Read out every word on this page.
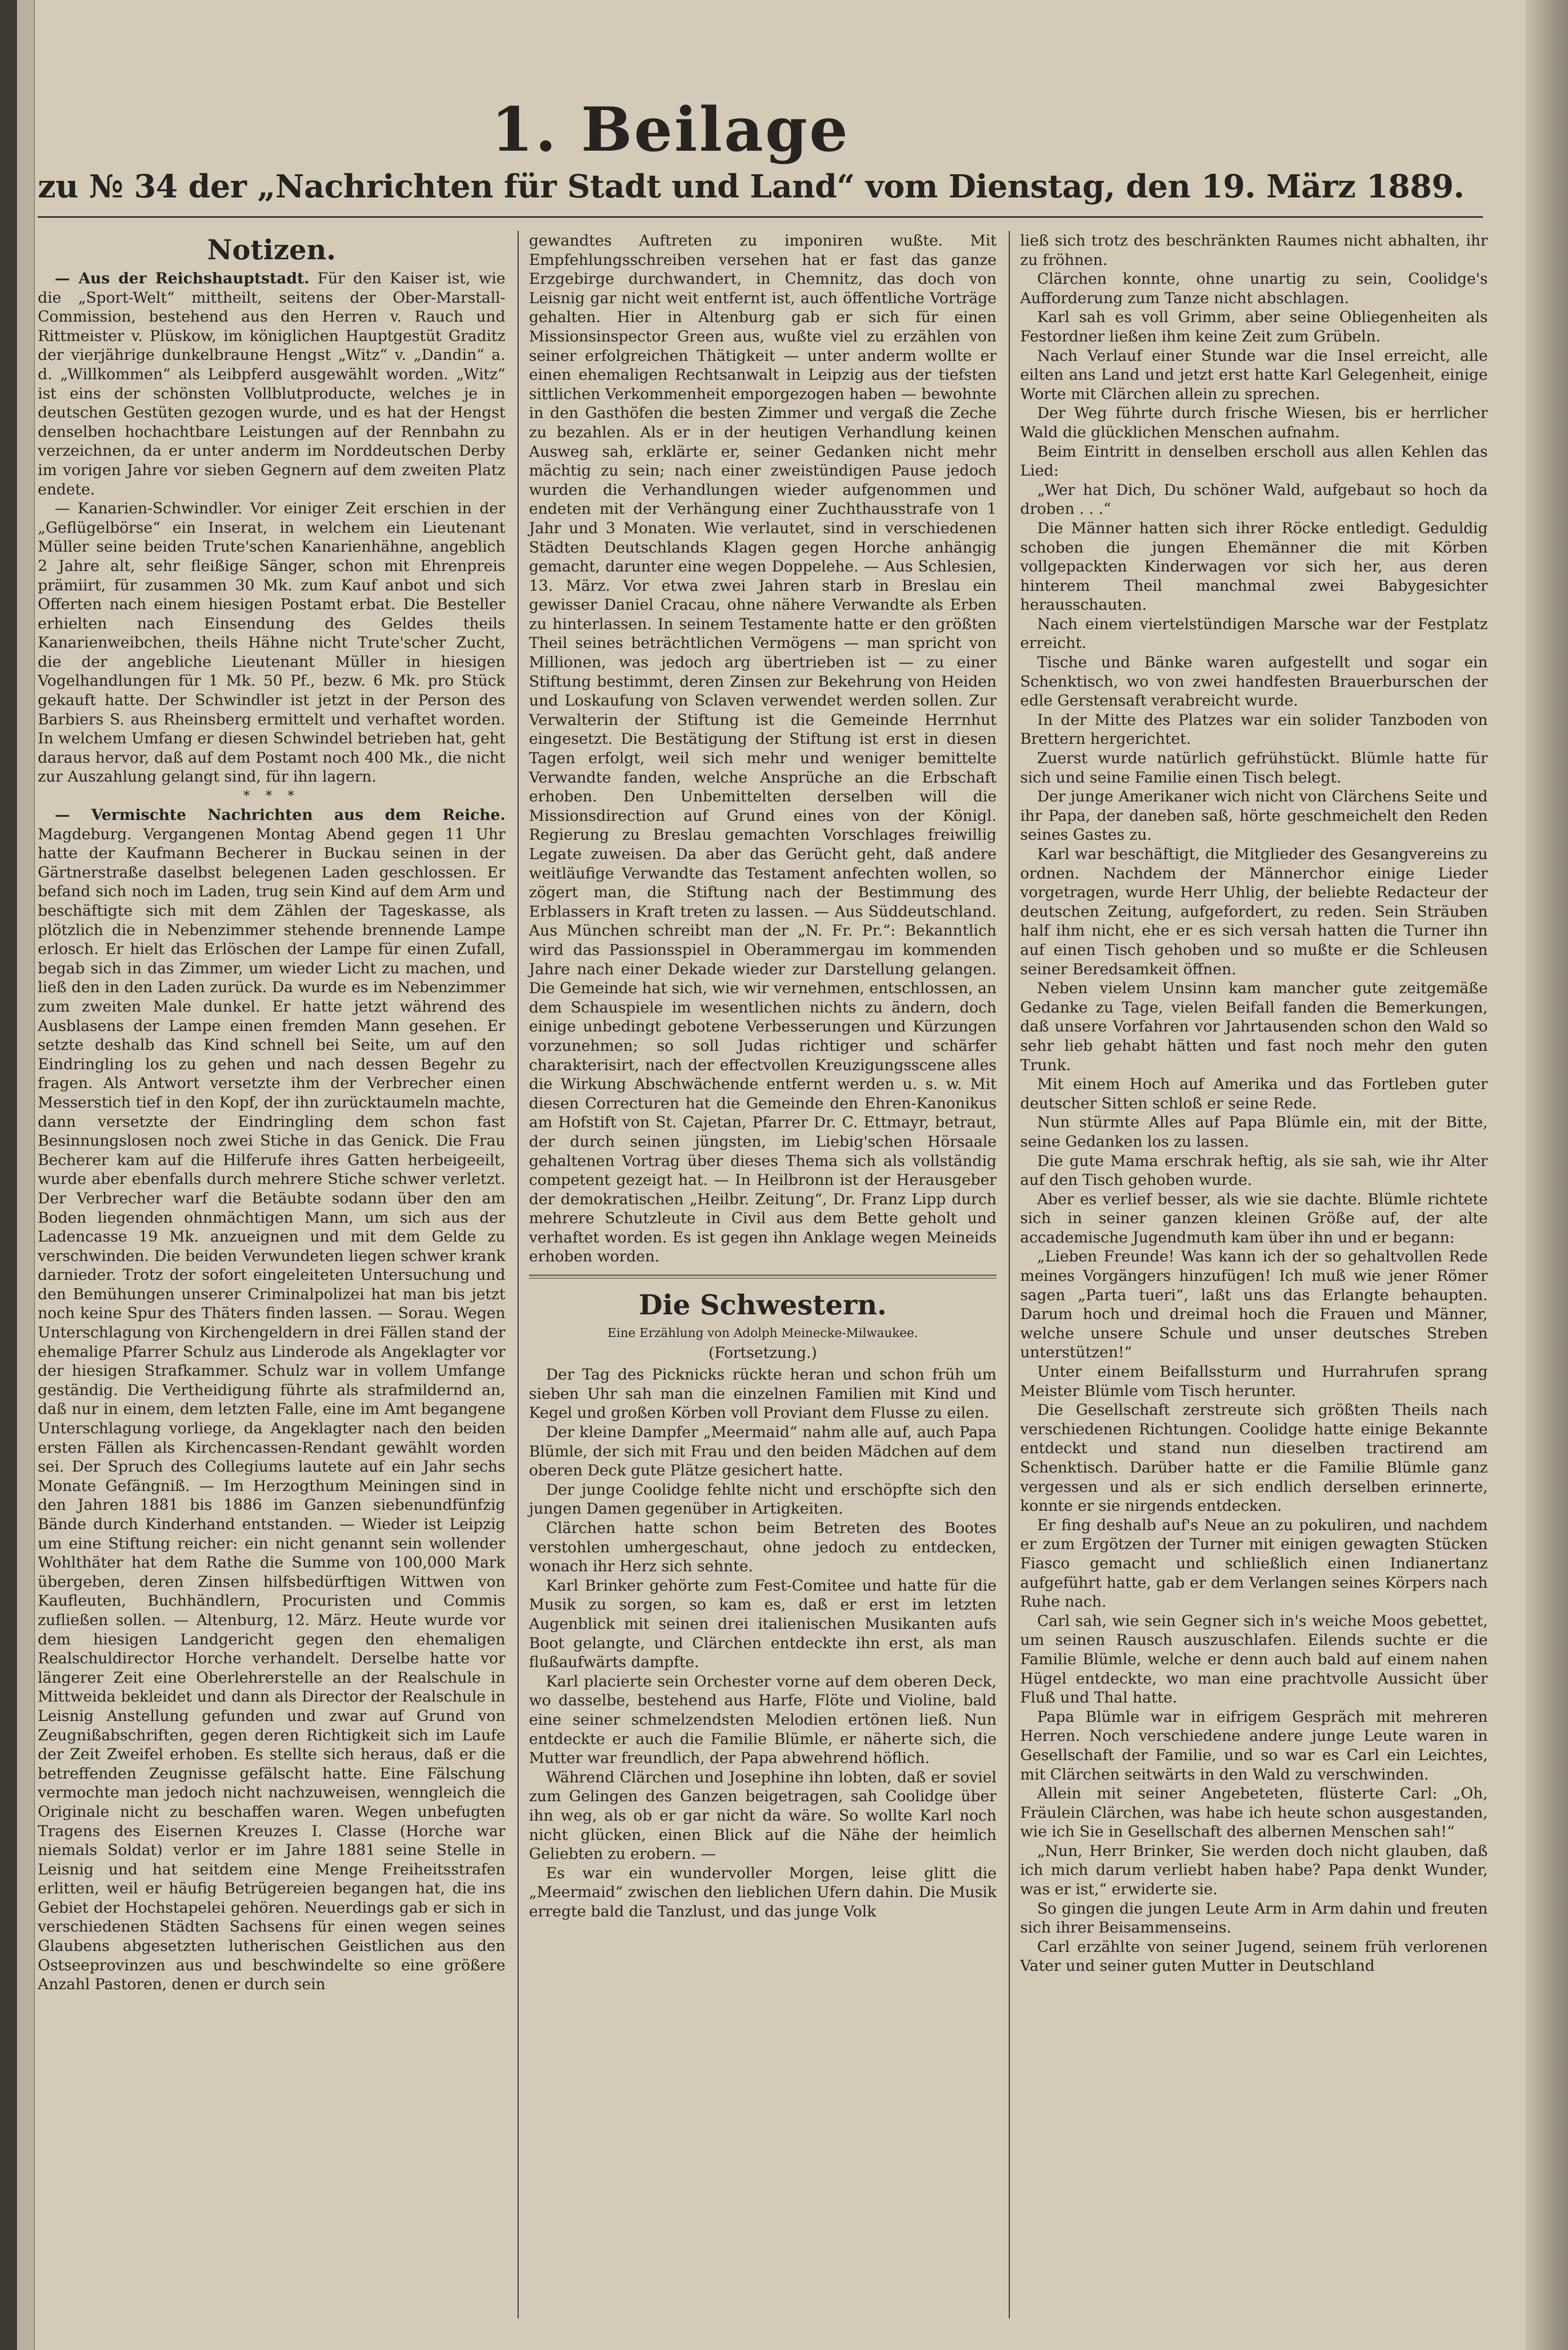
1. Beilage
zu № 34 der „Nachrichten für Stadt und Land“ vom Dienstag, den 19. März 1889.

Notizen.

— Aus der Reichshauptstadt. Für den Kaiser ist, wie die „Sport-Welt“ mittheilt, seitens der Ober-Marstall-Commission, bestehend aus den Herren v. Rauch und Rittmeister v. Plüskow, im königlichen Hauptgestüt Graditz der vierjährige dunkelbraune Hengst „Witz“ v. „Dandin“ a. d. „Willkommen“ als Leibpferd ausgewählt worden. „Witz“ ist eins der schönsten Vollblutproducte, welches je in deutschen Gestüten gezogen wurde, und es hat der Hengst denselben hochachtbare Leistungen auf der Rennbahn zu verzeichnen, da er unter anderm im Norddeutschen Derby im vorigen Jahre vor sieben Gegnern auf dem zweiten Platz endete.

— Kanarien-Schwindler. Vor einiger Zeit erschien in der „Geflügelbörse“ ein Inserat, in welchem ein Lieutenant Müller seine beiden Trute'schen Kanarienhähne, angeblich 2 Jahre alt, sehr fleißige Sänger, schon mit Ehrenpreis prämiirt, für zusammen 30 Mk. zum Kauf anbot und sich Offerten nach einem hiesigen Postamt erbat. Die Besteller erhielten nach Einsendung des Geldes theils Kanarienweibchen, theils Hähne nicht Trute'scher Zucht, die der angebliche Lieutenant Müller in hiesigen Vogelhandlungen für 1 Mk. 50 Pf., bezw. 6 Mk. pro Stück gekauft hatte. Der Schwindler ist jetzt in der Person des Barbiers S. aus Rheinsberg ermittelt und verhaftet worden. In welchem Umfang er diesen Schwindel betrieben hat, geht daraus hervor, daß auf dem Postamt noch 400 Mk., die nicht zur Auszahlung gelangt sind, für ihn lagern.

* * *

— Vermischte Nachrichten aus dem Reiche. Magdeburg. Vergangenen Montag Abend gegen 11 Uhr hatte der Kaufmann Becherer in Buckau seinen in der Gärtnerstraße daselbst belegenen Laden geschlossen. Er befand sich noch im Laden, trug sein Kind auf dem Arm und beschäftigte sich mit dem Zählen der Tageskasse, als plötzlich die in Nebenzimmer stehende brennende Lampe erlosch. Er hielt das Erlöschen der Lampe für einen Zufall, begab sich in das Zimmer, um wieder Licht zu machen, und ließ den in den Laden zurück. Da wurde es im Nebenzimmer zum zweiten Male dunkel. Er hatte jetzt während des Ausblasens der Lampe einen fremden Mann gesehen. Er setzte deshalb das Kind schnell bei Seite, um auf den Eindringling los zu gehen und nach dessen Begehr zu fragen. Als Antwort versetzte ihm der Verbrecher einen Messerstich tief in den Kopf, der ihn zurücktaumeln machte, dann versetzte der Eindringling dem schon fast Besinnungslosen noch zwei Stiche in das Genick. Die Frau Becherer kam auf die Hilferufe ihres Gatten herbeigeeilt, wurde aber ebenfalls durch mehrere Stiche schwer verletzt. Der Verbrecher warf die Betäubte sodann über den am Boden liegenden ohnmächtigen Mann, um sich aus der Ladencasse 19 Mk. anzueignen und mit dem Gelde zu verschwinden. Die beiden Verwundeten liegen schwer krank darnieder. Trotz der sofort eingeleiteten Untersuchung und den Bemühungen unserer Criminalpolizei hat man bis jetzt noch keine Spur des Thäters finden lassen. — Sorau. Wegen Unterschlagung von Kirchengeldern in drei Fällen stand der ehemalige Pfarrer Schulz aus Linderode als Angeklagter vor der hiesigen Strafkammer. Schulz war in vollem Umfange geständig. Die Vertheidigung führte als strafmildernd an, daß nur in einem, dem letzten Falle, eine im Amt begangene Unterschlagung vorliege, da Angeklagter nach den beiden ersten Fällen als Kirchencassen-Rendant gewählt worden sei. Der Spruch des Collegiums lautete auf ein Jahr sechs Monate Gefängniß. — Im Herzogthum Meiningen sind in den Jahren 1881 bis 1886 im Ganzen siebenundfünfzig Bände durch Kinderhand entstanden. — Wieder ist Leipzig um eine Stiftung reicher: ein nicht genannt sein wollender Wohlthäter hat dem Rathe die Summe von 100,000 Mark übergeben, deren Zinsen hilfsbedürftigen Wittwen von Kaufleuten, Buchhändlern, Procuristen und Commis zufließen sollen. — Altenburg, 12. März. Heute wurde vor dem hiesigen Landgericht gegen den ehemaligen Realschuldirector Horche verhandelt. Derselbe hatte vor längerer Zeit eine Oberlehrerstelle an der Realschule in Mittweida bekleidet und dann als Director der Realschule in Leisnig Anstellung gefunden und zwar auf Grund von Zeugnißabschriften, gegen deren Richtigkeit sich im Laufe der Zeit Zweifel erhoben. Es stellte sich heraus, daß er die betreffenden Zeugnisse gefälscht hatte. Eine Fälschung vermochte man jedoch nicht nachzuweisen, wenngleich die Originale nicht zu beschaffen waren. Wegen unbefugten Tragens des Eisernen Kreuzes I. Classe (Horche war niemals Soldat) verlor er im Jahre 1881 seine Stelle in Leisnig und hat seitdem eine Menge Freiheitsstrafen erlitten, weil er häufig Betrügereien begangen hat, die ins Gebiet der Hochstapelei gehören. Neuerdings gab er sich in verschiedenen Städten Sachsens für einen wegen seines Glaubens abgesetzten lutherischen Geistlichen aus den Ostseeprovinzen aus und beschwindelte so eine größere Anzahl Pastoren, denen er durch sein

gewandtes Auftreten zu imponiren wußte. Mit Empfehlungsschreiben versehen hat er fast das ganze Erzgebirge durchwandert, in Chemnitz, das doch von Leisnig gar nicht weit entfernt ist, auch öffentliche Vorträge gehalten. Hier in Altenburg gab er sich für einen Missionsinspector Green aus, wußte viel zu erzählen von seiner erfolgreichen Thätigkeit — unter anderm wollte er einen ehemaligen Rechtsanwalt in Leipzig aus der tiefsten sittlichen Verkommenheit emporgezogen haben — bewohnte in den Gasthöfen die besten Zimmer und vergaß die Zeche zu bezahlen. Als er in der heutigen Verhandlung keinen Ausweg sah, erklärte er, seiner Gedanken nicht mehr mächtig zu sein; nach einer zweistündigen Pause jedoch wurden die Verhandlungen wieder aufgenommen und endeten mit der Verhängung einer Zuchthausstrafe von 1 Jahr und 3 Monaten. Wie verlautet, sind in verschiedenen Städten Deutschlands Klagen gegen Horche anhängig gemacht, darunter eine wegen Doppelehe. — Aus Schlesien, 13. März. Vor etwa zwei Jahren starb in Breslau ein gewisser Daniel Cracau, ohne nähere Verwandte als Erben zu hinterlassen. In seinem Testamente hatte er den größten Theil seines beträchtlichen Vermögens — man spricht von Millionen, was jedoch arg übertrieben ist — zu einer Stiftung bestimmt, deren Zinsen zur Bekehrung von Heiden und Loskaufung von Sclaven verwendet werden sollen. Zur Verwalterin der Stiftung ist die Gemeinde Herrnhut eingesetzt. Die Bestätigung der Stiftung ist erst in diesen Tagen erfolgt, weil sich mehr und weniger bemittelte Verwandte fanden, welche Ansprüche an die Erbschaft erhoben. Den Unbemittelten derselben will die Missionsdirection auf Grund eines von der Königl. Regierung zu Breslau gemachten Vorschlages freiwillig Legate zuweisen. Da aber das Gerücht geht, daß andere weitläufige Verwandte das Testament anfechten wollen, so zögert man, die Stiftung nach der Bestimmung des Erblassers in Kraft treten zu lassen. — Aus Süddeutschland. Aus München schreibt man der „N. Fr. Pr.“: Bekanntlich wird das Passionsspiel in Oberammergau im kommenden Jahre nach einer Dekade wieder zur Darstellung gelangen. Die Gemeinde hat sich, wie wir vernehmen, entschlossen, an dem Schauspiele im wesentlichen nichts zu ändern, doch einige unbedingt gebotene Verbesserungen und Kürzungen vorzunehmen; so soll Judas richtiger und schärfer charakterisirt, nach der effectvollen Kreuzigungsscene alles die Wirkung Abschwächende entfernt werden u. s. w. Mit diesen Correcturen hat die Gemeinde den Ehren-Kanonikus am Hofstift von St. Cajetan, Pfarrer Dr. C. Ettmayr, betraut, der durch seinen jüngsten, im Liebig'schen Hörsaale gehaltenen Vortrag über dieses Thema sich als vollständig competent gezeigt hat. — In Heilbronn ist der Herausgeber der demokratischen „Heilbr. Zeitung“, Dr. Franz Lipp durch mehrere Schutzleute in Civil aus dem Bette geholt und verhaftet worden. Es ist gegen ihn Anklage wegen Meineids erhoben worden.

Die Schwestern.

Eine Erzählung von Adolph Meinecke-Milwaukee.

(Fortsetzung.)

Der Tag des Picknicks rückte heran und schon früh um sieben Uhr sah man die einzelnen Familien mit Kind und Kegel und großen Körben voll Proviant dem Flusse zu eilen.

Der kleine Dampfer „Meermaid“ nahm alle auf, auch Papa Blümle, der sich mit Frau und den beiden Mädchen auf dem oberen Deck gute Plätze gesichert hatte.

Der junge Coolidge fehlte nicht und erschöpfte sich den jungen Damen gegenüber in Artigkeiten.

Clärchen hatte schon beim Betreten des Bootes verstohlen umhergeschaut, ohne jedoch zu entdecken, wonach ihr Herz sich sehnte.

Karl Brinker gehörte zum Fest-Comitee und hatte für die Musik zu sorgen, so kam es, daß er erst im letzten Augenblick mit seinen drei italienischen Musikanten aufs Boot gelangte, und Clärchen entdeckte ihn erst, als man flußaufwärts dampfte.

Karl placierte sein Orchester vorne auf dem oberen Deck, wo dasselbe, bestehend aus Harfe, Flöte und Violine, bald eine seiner schmelzendsten Melodien ertönen ließ. Nun entdeckte er auch die Familie Blümle, er näherte sich, die Mutter war freundlich, der Papa abwehrend höflich.

Während Clärchen und Josephine ihn lobten, daß er soviel zum Gelingen des Ganzen beigetragen, sah Coolidge über ihn weg, als ob er gar nicht da wäre. So wollte Karl noch nicht glücken, einen Blick auf die Nähe der heimlich Geliebten zu erobern. —

Es war ein wundervoller Morgen, leise glitt die „Meermaid“ zwischen den lieblichen Ufern dahin. Die Musik erregte bald die Tanzlust, und das junge Volk

ließ sich trotz des beschränkten Raumes nicht abhalten, ihr zu fröhnen.

Clärchen konnte, ohne unartig zu sein, Coolidge's Aufforderung zum Tanze nicht abschlagen.

Karl sah es voll Grimm, aber seine Obliegenheiten als Festordner ließen ihm keine Zeit zum Grübeln.

Nach Verlauf einer Stunde war die Insel erreicht, alle eilten ans Land und jetzt erst hatte Karl Gelegenheit, einige Worte mit Clärchen allein zu sprechen.

Der Weg führte durch frische Wiesen, bis er herrlicher Wald die glücklichen Menschen aufnahm.

Beim Eintritt in denselben erscholl aus allen Kehlen das Lied:

„Wer hat Dich, Du schöner Wald, aufgebaut so hoch da droben . . .“

Die Männer hatten sich ihrer Röcke entledigt. Geduldig schoben die jungen Ehemänner die mit Körben vollgepackten Kinderwagen vor sich her, aus deren hinterem Theil manchmal zwei Babygesichter herausschauten.

Nach einem viertelstündigen Marsche war der Festplatz erreicht.

Tische und Bänke waren aufgestellt und sogar ein Schenktisch, wo von zwei handfesten Brauerburschen der edle Gerstensaft verabreicht wurde.

In der Mitte des Platzes war ein solider Tanzboden von Brettern hergerichtet.

Zuerst wurde natürlich gefrühstückt. Blümle hatte für sich und seine Familie einen Tisch belegt.

Der junge Amerikaner wich nicht von Clärchens Seite und ihr Papa, der daneben saß, hörte geschmeichelt den Reden seines Gastes zu.

Karl war beschäftigt, die Mitglieder des Gesangvereins zu ordnen. Nachdem der Männerchor einige Lieder vorgetragen, wurde Herr Uhlig, der beliebte Redacteur der deutschen Zeitung, aufgefordert, zu reden. Sein Sträuben half ihm nicht, ehe er es sich versah hatten die Turner ihn auf einen Tisch gehoben und so mußte er die Schleusen seiner Beredsamkeit öffnen.

Neben vielem Unsinn kam mancher gute zeitgemäße Gedanke zu Tage, vielen Beifall fanden die Bemerkungen, daß unsere Vorfahren vor Jahrtausenden schon den Wald so sehr lieb gehabt hätten und fast noch mehr den guten Trunk.

Mit einem Hoch auf Amerika und das Fortleben guter deutscher Sitten schloß er seine Rede.

Nun stürmte Alles auf Papa Blümle ein, mit der Bitte, seine Gedanken los zu lassen.

Die gute Mama erschrak heftig, als sie sah, wie ihr Alter auf den Tisch gehoben wurde.

Aber es verlief besser, als wie sie dachte. Blümle richtete sich in seiner ganzen kleinen Größe auf, der alte accademische Jugendmuth kam über ihn und er begann:

„Lieben Freunde! Was kann ich der so gehaltvollen Rede meines Vorgängers hinzufügen! Ich muß wie jener Römer sagen „Parta tueri“, laßt uns das Erlangte behaupten. Darum hoch und dreimal hoch die Frauen und Männer, welche unsere Schule und unser deutsches Streben unterstützen!“

Unter einem Beifallssturm und Hurrahrufen sprang Meister Blümle vom Tisch herunter.

Die Gesellschaft zerstreute sich größten Theils nach verschiedenen Richtungen. Coolidge hatte einige Bekannte entdeckt und stand nun dieselben tractirend am Schenktisch. Darüber hatte er die Familie Blümle ganz vergessen und als er sich endlich derselben erinnerte, konnte er sie nirgends entdecken.

Er fing deshalb auf's Neue an zu pokuliren, und nachdem er zum Ergötzen der Turner mit einigen gewagten Stücken Fiasco gemacht und schließlich einen Indianertanz aufgeführt hatte, gab er dem Verlangen seines Körpers nach Ruhe nach.

Carl sah, wie sein Gegner sich in's weiche Moos gebettet, um seinen Rausch auszuschlafen. Eilends suchte er die Familie Blümle, welche er denn auch bald auf einem nahen Hügel entdeckte, wo man eine prachtvolle Aussicht über Fluß und Thal hatte.

Papa Blümle war in eifrigem Gespräch mit mehreren Herren. Noch verschiedene andere junge Leute waren in Gesellschaft der Familie, und so war es Carl ein Leichtes, mit Clärchen seitwärts in den Wald zu verschwinden.

Allein mit seiner Angebeteten, flüsterte Carl: „Oh, Fräulein Clärchen, was habe ich heute schon ausgestanden, wie ich Sie in Gesellschaft des albernen Menschen sah!“

„Nun, Herr Brinker, Sie werden doch nicht glauben, daß ich mich darum verliebt haben habe? Papa denkt Wunder, was er ist,“ erwiderte sie.

So gingen die jungen Leute Arm in Arm dahin und freuten sich ihrer Beisammenseins.

Carl erzählte von seiner Jugend, seinem früh verlorenen Vater und seiner guten Mutter in Deutschland
